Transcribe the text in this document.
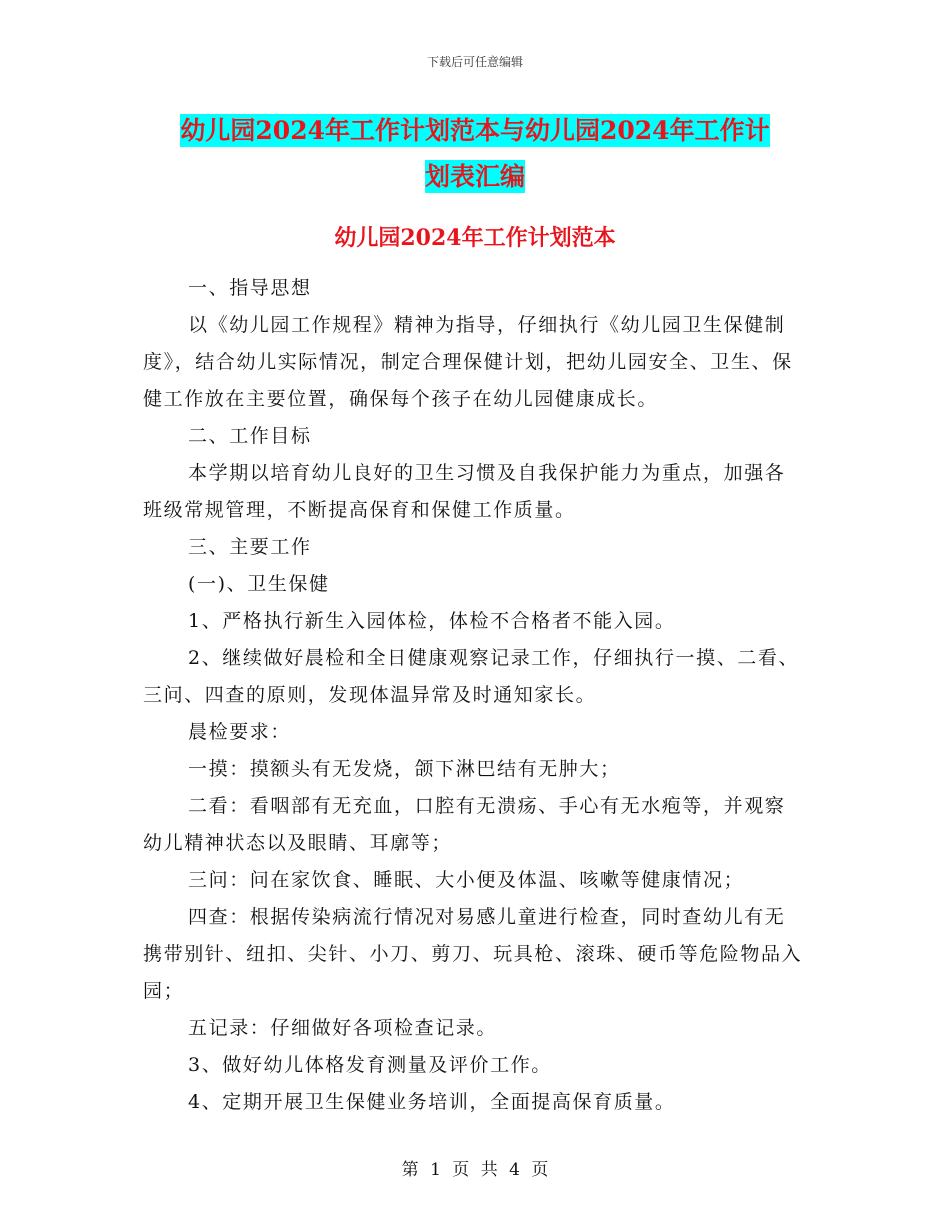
下载后可任意编辑
幼儿园2024年工作计划范本与幼儿园2024年工作计
划表汇编
幼儿园2024年工作计划范本

一、指导思想

以《幼儿园工作规程》精神为指导，仔细执行《幼儿园卫生保健制度》，结合幼儿实际情况，制定合理保健计划，把幼儿园安全、卫生、保健工作放在主要位置，确保每个孩子在幼儿园健康成长。

二、工作目标

本学期以培育幼儿良好的卫生习惯及自我保护能力为重点，加强各班级常规管理，不断提高保育和保健工作质量。

三、主要工作

(一)、卫生保健

1、严格执行新生入园体检，体检不合格者不能入园。

2、继续做好晨检和全日健康观察记录工作，仔细执行一摸、二看、三问、四查的原则，发现体温异常及时通知家长。

晨检要求：

一摸：摸额头有无发烧，颌下淋巴结有无肿大；

二看：看咽部有无充血，口腔有无溃疡、手心有无水疱等，并观察幼儿精神状态以及眼睛、耳廓等；

三问：问在家饮食、睡眠、大小便及体温、咳嗽等健康情况；

四查：根据传染病流行情况对易感儿童进行检查，同时查幼儿有无携带别针、纽扣、尖针、小刀、剪刀、玩具枪、滚珠、硬币等危险物品入园；

五记录：仔细做好各项检查记录。

3、做好幼儿体格发育测量及评价工作。

4、定期开展卫生保健业务培训，全面提高保育质量。

第 1 页 共 4 页
